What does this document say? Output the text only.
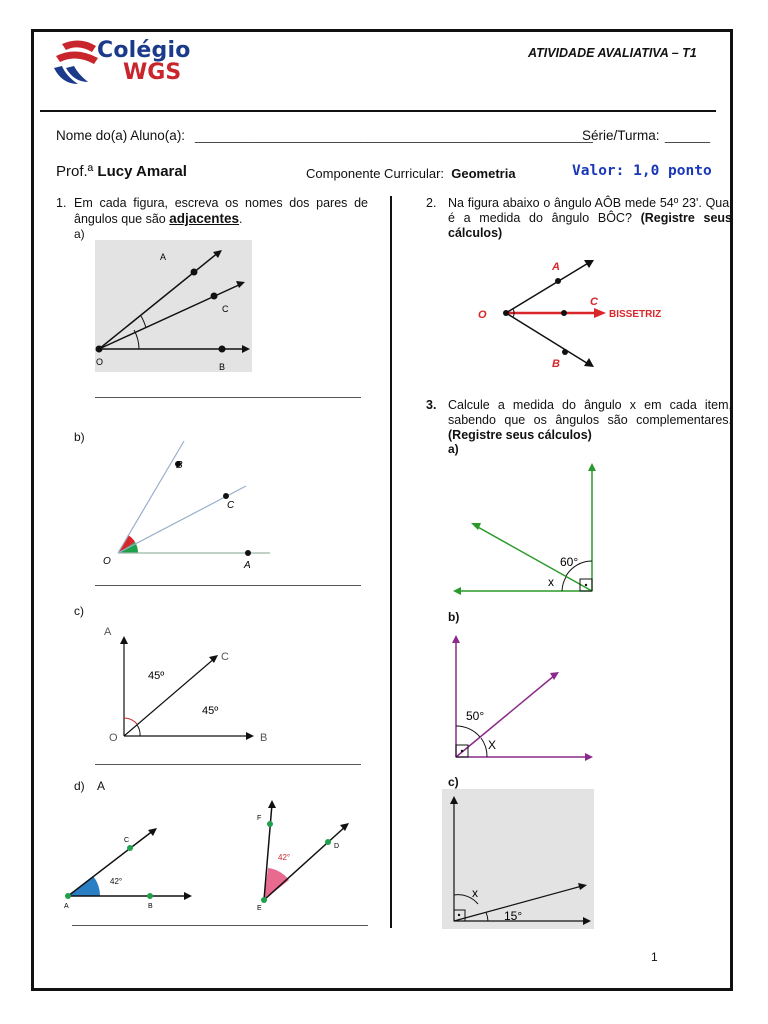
Colégio
WGS
ATIVIDADE AVALIATIVA – T1
Nome do(a) Aluno(a): _____________________________________________________
Série/Turma: ______
Prof.ª Lucy Amaral	Componente Curricular: Geometria	Valor: 1,0 ponto
1. Em cada figura, escreva os nomes dos pares de ângulos que são adjacentes.
a)
A
C
O	B
b)
B
C
O	A
c)
A
C
O	B
45º
45º
d) A
C
A	B
42°
F
D
E
42°
2. Na figura abaixo o ângulo AÔB mede 54º 23'. Qual é a medida do ângulo BÔC? (Registre seus cálculos)
A
C
O
B
BISSETRIZ
3. Calcule a medida do ângulo x em cada item, sabendo que os ângulos são complementares. (Registre seus cálculos)
a)
60°
x
b)
50°
X
c)
x
15°
1
